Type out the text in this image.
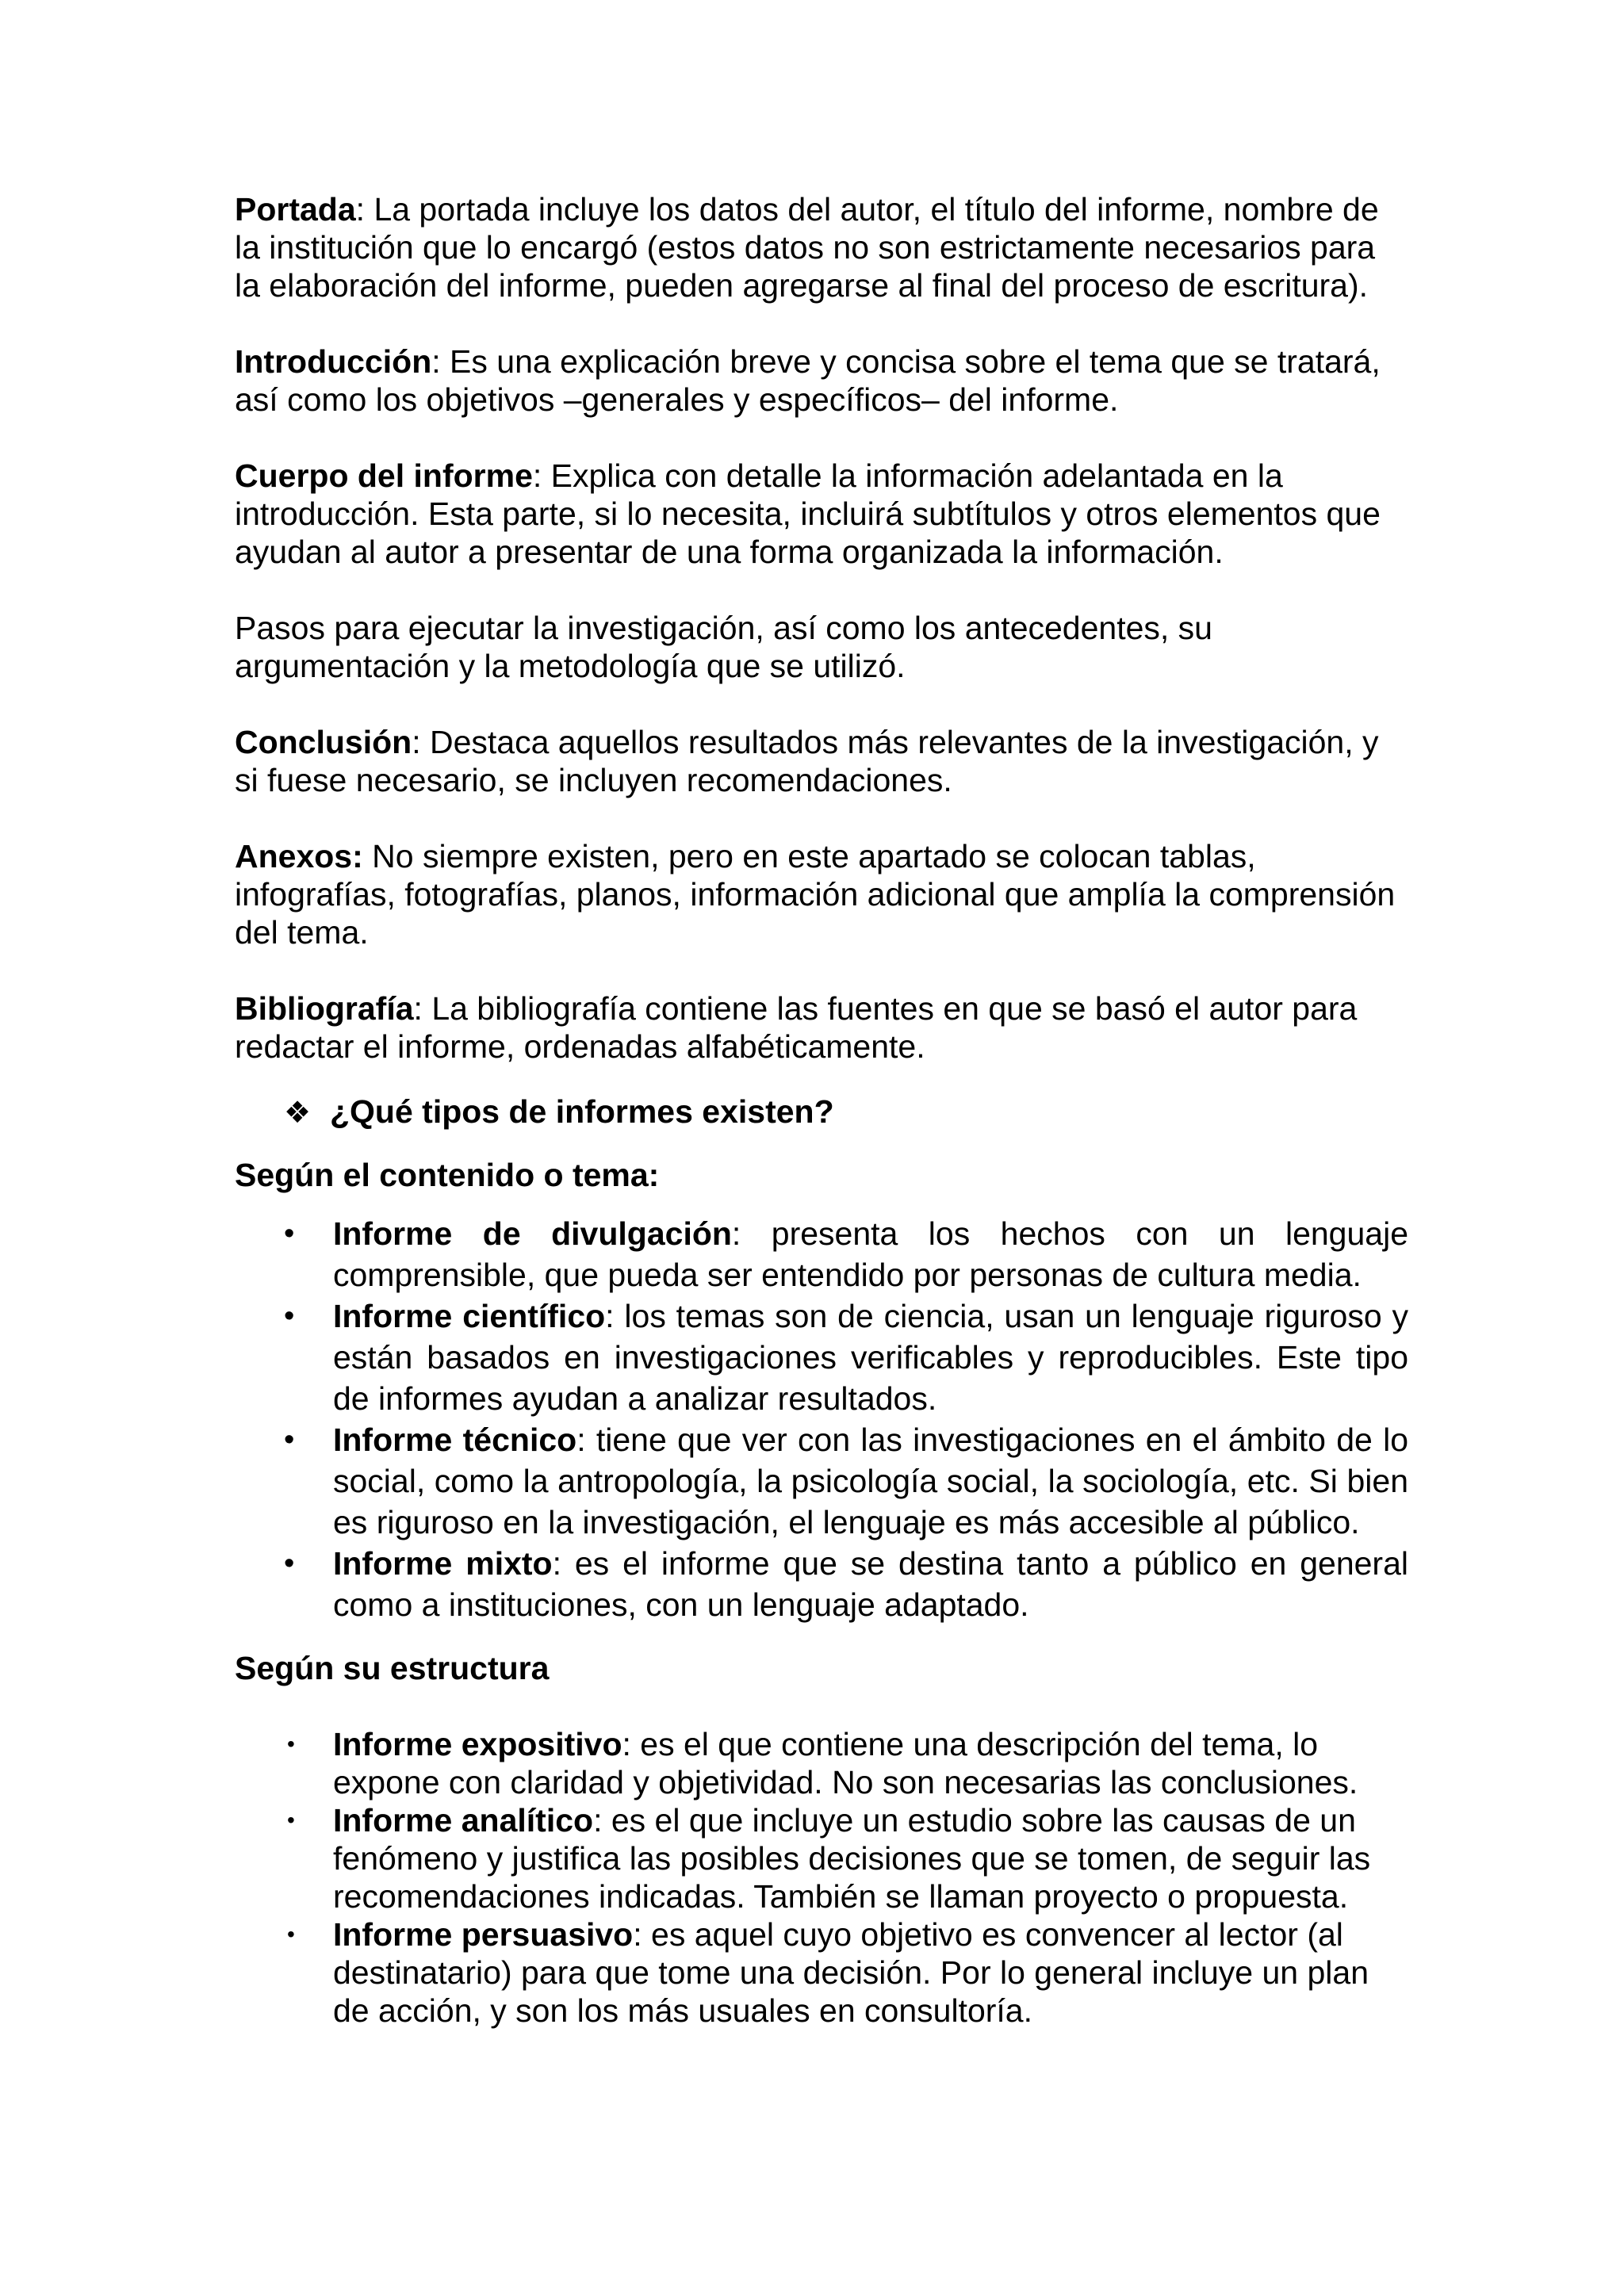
Portada: La portada incluye los datos del autor, el título del informe, nombre de la institución que lo encargó (estos datos no son estrictamente necesarios para la elaboración del informe, pueden agregarse al final del proceso de escritura).

Introducción: Es una explicación breve y concisa sobre el tema que se tratará, así como los objetivos –generales y específicos– del informe.

Cuerpo del informe: Explica con detalle la información adelantada en la introducción. Esta parte, si lo necesita, incluirá subtítulos y otros elementos que ayudan al autor a presentar de una forma organizada la información.

Pasos para ejecutar la investigación, así como los antecedentes, su argumentación y la metodología que se utilizó.

Conclusión: Destaca aquellos resultados más relevantes de la investigación, y si fuese necesario, se incluyen recomendaciones.

Anexos: No siempre existen, pero en este apartado se colocan tablas, infografías, fotografías, planos, información adicional que amplía la comprensión del tema.

Bibliografía: La bibliografía contiene las fuentes en que se basó el autor para redactar el informe, ordenadas alfabéticamente.

❖ ¿Qué tipos de informes existen?

Según el contenido o tema:

• Informe de divulgación: presenta los hechos con un lenguaje comprensible, que pueda ser entendido por personas de cultura media.
• Informe científico: los temas son de ciencia, usan un lenguaje riguroso y están basados en investigaciones verificables y reproducibles. Este tipo de informes ayudan a analizar resultados.
• Informe técnico: tiene que ver con las investigaciones en el ámbito de lo social, como la antropología, la psicología social, la sociología, etc. Si bien es riguroso en la investigación, el lenguaje es más accesible al público.
• Informe mixto: es el informe que se destina tanto a público en general como a instituciones, con un lenguaje adaptado.

Según su estructura

• Informe expositivo: es el que contiene una descripción del tema, lo expone con claridad y objetividad. No son necesarias las conclusiones.
• Informe analítico: es el que incluye un estudio sobre las causas de un fenómeno y justifica las posibles decisiones que se tomen, de seguir las recomendaciones indicadas. También se llaman proyecto o propuesta.
• Informe persuasivo: es aquel cuyo objetivo es convencer al lector (al destinatario) para que tome una decisión. Por lo general incluye un plan de acción, y son los más usuales en consultoría.
